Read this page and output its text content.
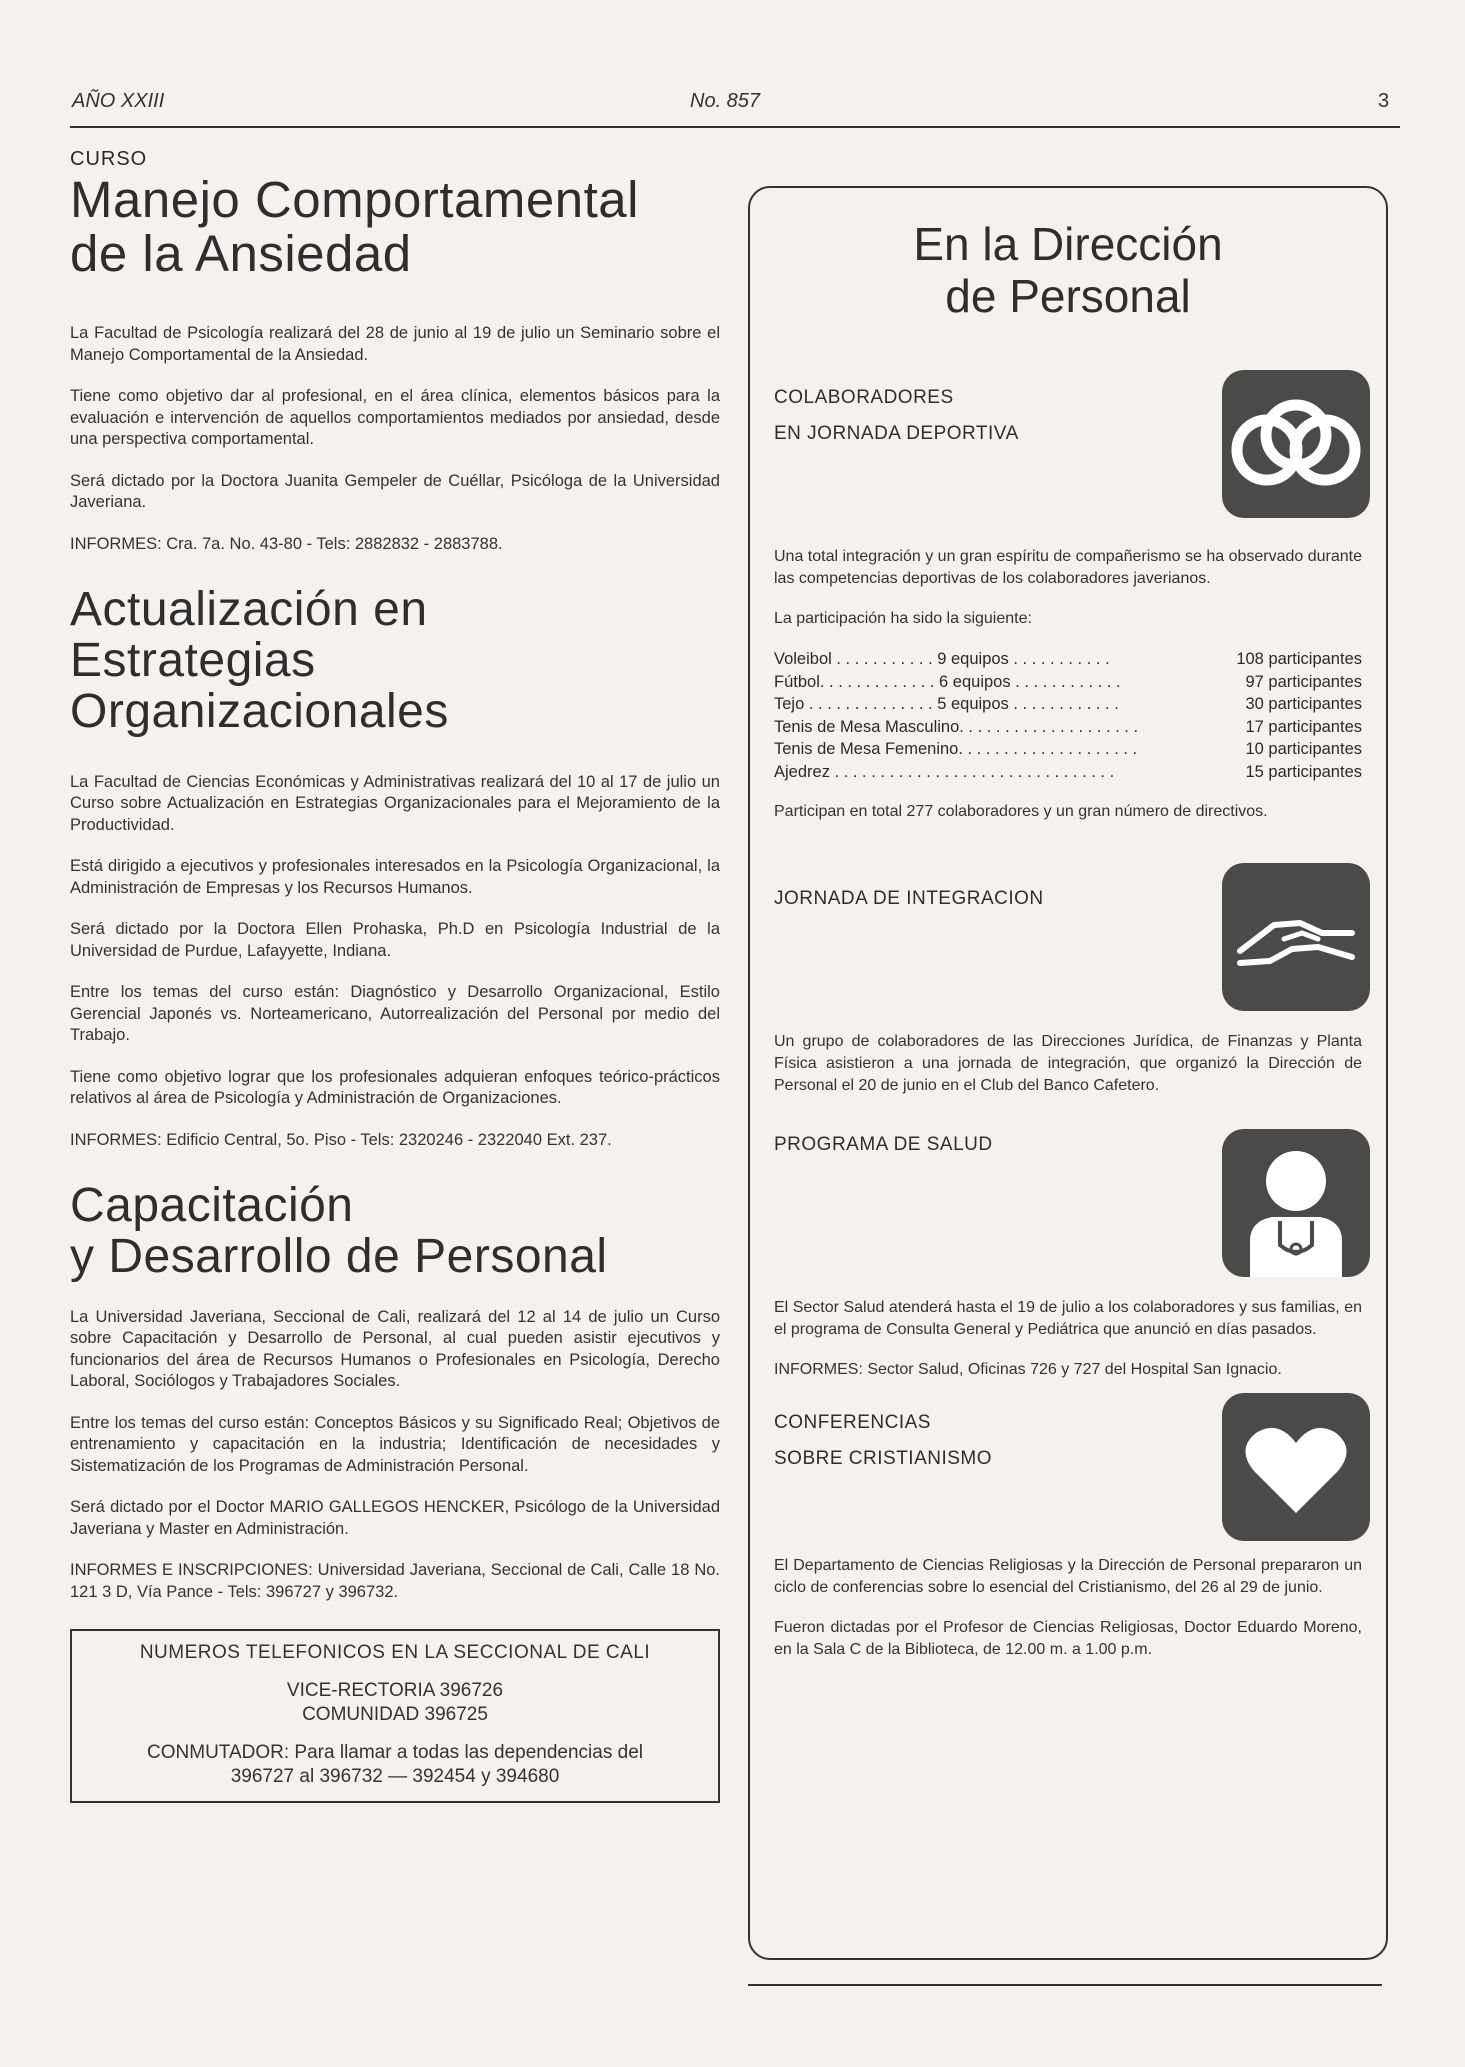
AÑO XXIII	No. 857	3
CURSO
Manejo Comportamental
de la Ansiedad

La Facultad de Psicología realizará del 28 de junio al 19 de julio un Seminario sobre el Manejo Comportamental de la Ansiedad.

Tiene como objetivo dar al profesional, en el área clínica, elementos básicos para la evaluación e intervención de aquellos comportamientos mediados por ansiedad, desde una perspectiva comportamental.

Será dictado por la Doctora Juanita Gempeler de Cuéllar, Psicóloga de la Universidad Javeriana.

INFORMES: Cra. 7a. No. 43-80 - Tels: 2882832 - 2883788.

Actualización en
Estrategias
Organizacionales

La Facultad de Ciencias Económicas y Administrativas realizará del 10 al 17 de julio un Curso sobre Actualización en Estrategias Organizacionales para el Mejoramiento de la Productividad.

Está dirigido a ejecutivos y profesionales interesados en la Psicología Organizacional, la Administración de Empresas y los Recursos Humanos.

Será dictado por la Doctora Ellen Prohaska, Ph.D en Psicología Industrial de la Universidad de Purdue, Lafayyette, Indiana.

Entre los temas del curso están: Diagnóstico y Desarrollo Organizacional, Estilo Gerencial Japonés vs. Norteamericano, Autorrealización del Personal por medio del Trabajo.

Tiene como objetivo lograr que los profesionales adquieran enfoques teórico-prácticos relativos al área de Psicología y Administración de Organizaciones.

INFORMES: Edificio Central, 5o. Piso - Tels: 2320246 - 2322040 Ext. 237.

Capacitación
y Desarrollo de Personal

La Universidad Javeriana, Seccional de Cali, realizará del 12 al 14 de julio un Curso sobre Capacitación y Desarrollo de Personal, al cual pueden asistir ejecutivos y funcionarios del área de Recursos Humanos o Profesionales en Psicología, Derecho Laboral, Sociólogos y Trabajadores Sociales.

Entre los temas del curso están: Conceptos Básicos y su Significado Real; Objetivos de entrenamiento y capacitación en la industria; Identificación de necesidades y Sistematización de los Programas de Administración Personal.

Será dictado por el Doctor MARIO GALLEGOS HENCKER, Psicólogo de la Universidad Javeriana y Master en Administración.

INFORMES E INSCRIPCIONES: Universidad Javeriana, Seccional de Cali, Calle 18 No. 121 3 D, Vía Pance - Tels: 396727 y 396732.

NUMEROS TELEFONICOS EN LA SECCIONAL DE CALI
VICE-RECTORIA 396726
COMUNIDAD 396725
CONMUTADOR: Para llamar a todas las dependencias del
396727 al 396732 — 392454 y 394680
En la Dirección
de Personal
COLABORADORES
EN JORNADA DEPORTIVA

Una total integración y un gran espíritu de compañerismo se ha observado durante las competencias deportivas de los colaboradores javerianos.

La participación ha sido la siguiente:

Voleibol . . . . . . . . . . . 9 equipos . . . . . . . . . . .	108 participantes
Fútbol. . . . . . . . . . . . . 6 equipos . . . . . . . . . . . .	97 participantes
Tejo . . . . . . . . . . . . . . 5 equipos . . . . . . . . . . . .	30 participantes
Tenis de Mesa Masculino. . . . . . . . . . . . . . . . . . . .	17 participantes
Tenis de Mesa Femenino. . . . . . . . . . . . . . . . . . . .	10 participantes
Ajedrez . . . . . . . . . . . . . . . . . . . . . . . . . . . . . . .	15 participantes

Participan en total 277 colaboradores y un gran número de directivos.

JORNADA DE INTEGRACION

Un grupo de colaboradores de las Direcciones Jurídica, de Finanzas y Planta Física asistieron a una jornada de integración, que organizó la Dirección de Personal el 20 de junio en el Club del Banco Cafetero.

PROGRAMA DE SALUD

El Sector Salud atenderá hasta el 19 de julio a los colaboradores y sus familias, en el programa de Consulta General y Pediátrica que anunció en días pasados.

INFORMES: Sector Salud, Oficinas 726 y 727 del Hospital San Ignacio.

CONFERENCIAS
SOBRE CRISTIANISMO

El Departamento de Ciencias Religiosas y la Dirección de Personal prepararon un ciclo de conferencias sobre lo esencial del Cristianismo, del 26 al 29 de junio.

Fueron dictadas por el Profesor de Ciencias Religiosas, Doctor Eduardo Moreno, en la Sala C de la Biblioteca, de 12.00 m. a 1.00 p.m.
